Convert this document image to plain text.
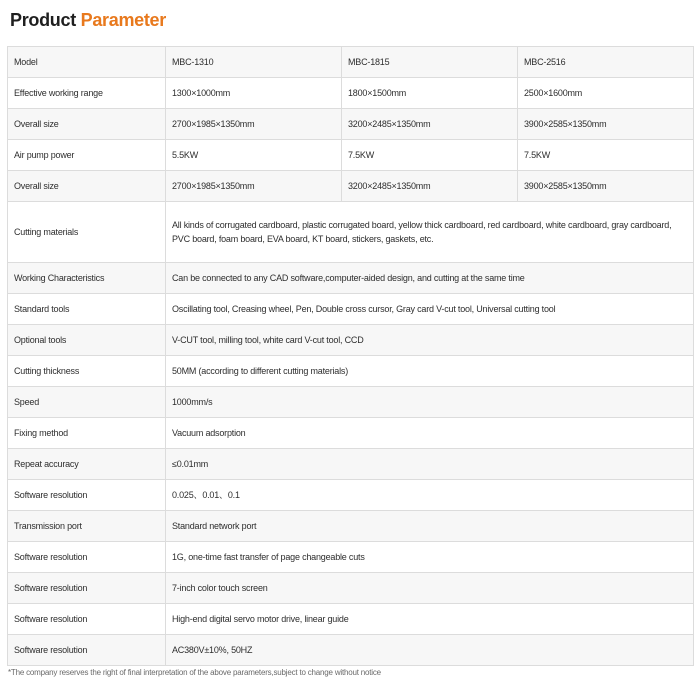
Product Parameter
Model	MBC-1310	MBC-1815	MBC-2516
Effective working range	1300×1000mm	1800×1500mm	2500×1600mm
Overall size	2700×1985×1350mm	3200×2485×1350mm	3900×2585×1350mm
Air pump power	5.5KW	7.5KW	7.5KW
Overall size	2700×1985×1350mm	3200×2485×1350mm	3900×2585×1350mm
Cutting materials	All kinds of corrugated cardboard, plastic corrugated board, yellow thick cardboard, red cardboard, white cardboard, gray cardboard, PVC board, foam board, EVA board, KT board, stickers, gaskets, etc.		
Working Characteristics	Can be connected to any CAD software,computer-aided design, and cutting at the same time		
Standard tools	Oscillating tool, Creasing wheel, Pen, Double cross cursor, Gray card V-cut tool, Universal cutting tool		
Optional tools	V-CUT tool, milling tool, white card V-cut tool, CCD		
Cutting thickness	50MM (according to different cutting materials)		
Speed	1000mm/s		
Fixing method	Vacuum adsorption		
Repeat accuracy	≤0.01mm		
Software resolution	0.025、0.01、0.1		
Transmission port	Standard network port		
Software resolution	1G, one-time fast transfer of page changeable cuts		
Software resolution	7-inch color touch screen		
Software resolution	High-end digital servo motor drive, linear guide		
Software resolution	AC380V±10%, 50HZ		
*The company reserves the right of final interpretation of the above parameters,subject to change without notice
